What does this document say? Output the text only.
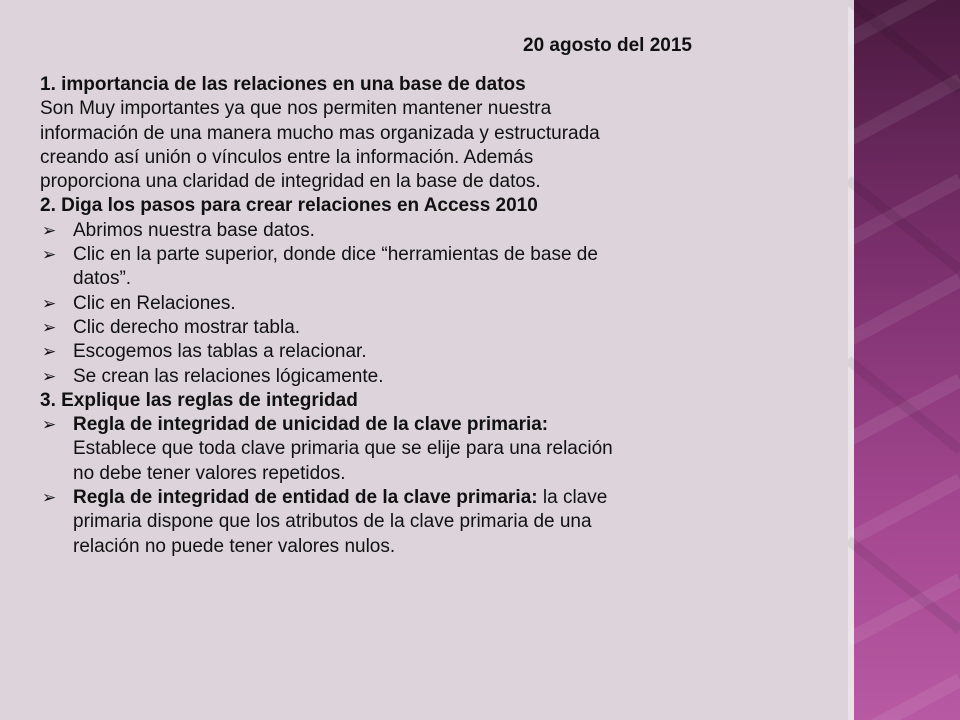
20 agosto del 2015

1. importancia de las relaciones en una base de datos

Son Muy importantes ya que nos permiten mantener nuestra

información de una manera mucho mas organizada y estructurada

creando así unión o vínculos entre la información. Además

proporciona una claridad de integridad en la base de datos.

2. Diga los pasos para crear relaciones en Access 2010

➢ Abrimos nuestra base datos.
➢ Clic en la parte superior, donde dice “herramientas de base de
datos”.
➢ Clic en Relaciones.
➢ Clic derecho mostrar tabla.
➢ Escogemos las tablas a relacionar.
➢ Se crean las relaciones lógicamente.

3. Explique las reglas de integridad

➢ Regla de integridad de unicidad de la clave primaria:
Establece que toda clave primaria que se elije para una relación
no debe tener valores repetidos.
➢ Regla de integridad de entidad de la clave primaria: la clave
primaria dispone que los atributos de la clave primaria de una
relación no puede tener valores nulos.
